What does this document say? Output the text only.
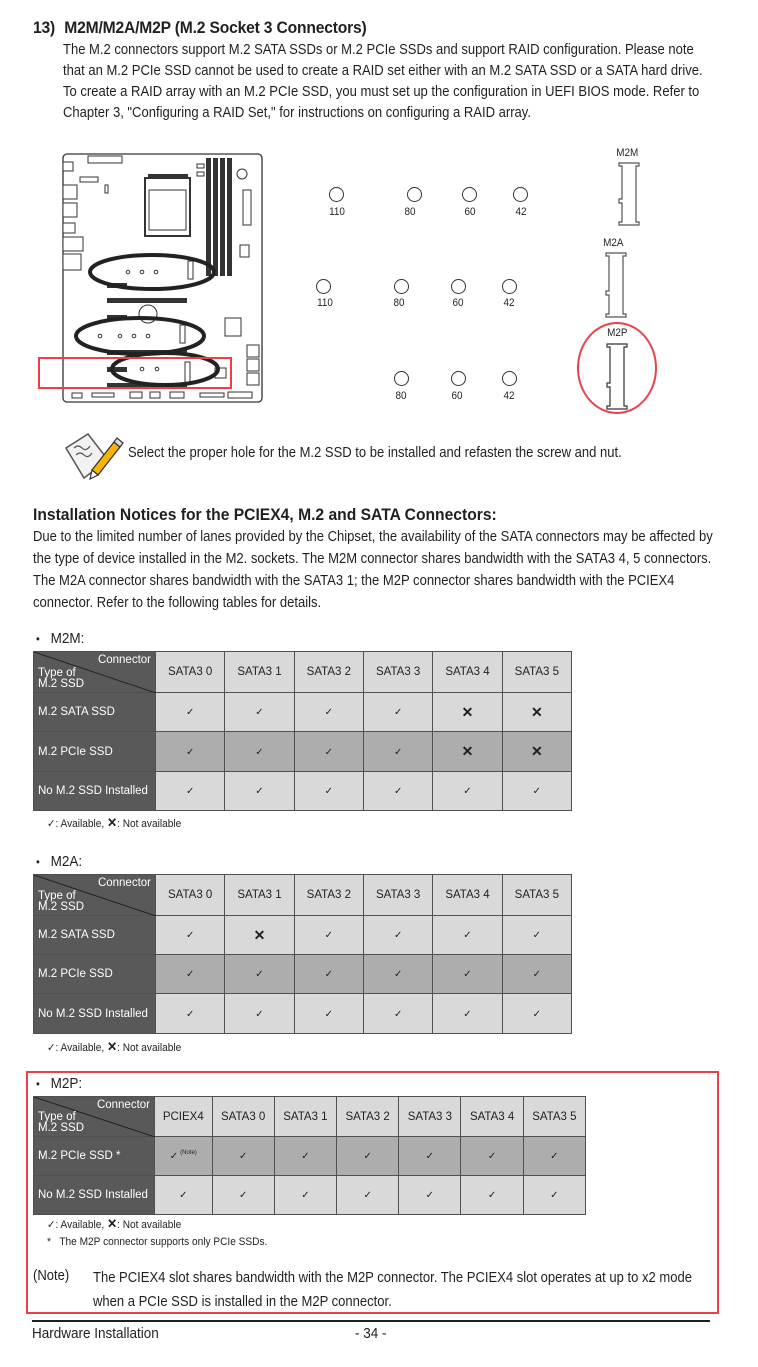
13) M2M/M2A/M2P (M.2 Socket 3 Connectors)
The M.2 connectors support M.2 SATA SSDs or M.2 PCIe SSDs and support RAID configuration. Please note that an M.2 PCIe SSD cannot be used to create a RAID set either with an M.2 SATA SSD or a SATA hard drive. To create a RAID array with an M.2 PCIe SSD, you must set up the configuration in UEFI BIOS mode. Refer to Chapter 3, "Configuring a RAID Set," for instructions on configuring a RAID array.
110	80	60	42
110	80	60	42
80	60	42
M2M
M2A
M2P
Select the proper hole for the M.2 SSD to be installed and refasten the screw and nut.
Installation Notices for the PCIEX4, M.2 and SATA Connectors:
Due to the limited number of lanes provided by the Chipset, the availability of the SATA connectors may be affected by the type of device installed in the M2. sockets. The M2M connector shares bandwidth with the SATA3 4, 5 connectors. The M2A connector shares bandwidth with the SATA3 1; the M2P connector shares bandwidth with the PCIEX4 connector. Refer to the following tables for details.
• M2M:
Connector
Type of
M.2 SSD	SATA3 0	SATA3 1	SATA3 2	SATA3 3	SATA3 4	SATA3 5
M.2 SATA SSD	✓	✓	✓	✓	✕	✕
M.2 PCIe SSD	✓	✓	✓	✓	✕	✕
No M.2 SSD Installed	✓	✓	✓	✓	✓	✓
✓: Available, ✕: Not available
• M2A:
Connector
Type of
M.2 SSD	SATA3 0	SATA3 1	SATA3 2	SATA3 3	SATA3 4	SATA3 5
M.2 SATA SSD	✓	✕	✓	✓	✓	✓
M.2 PCIe SSD	✓	✓	✓	✓	✓	✓
No M.2 SSD Installed	✓	✓	✓	✓	✓	✓
✓: Available, ✕: Not available
• M2P:
Connector
Type of
M.2 SSD	PCIEX4	SATA3 0	SATA3 1	SATA3 2	SATA3 3	SATA3 4	SATA3 5
M.2 PCIe SSD *	✓ $^{(Note)}$	✓	✓	✓	✓	✓	✓
No M.2 SSD Installed	✓	✓	✓	✓	✓	✓	✓
✓: Available, ✕: Not available
* The M2P connector supports only PCIe SSDs.
(Note) The PCIEX4 slot shares bandwidth with the M2P connector. The PCIEX4 slot operates at up to x2 mode when a PCIe SSD is installed in the M2P connector.
Hardware Installation	- 34 -
